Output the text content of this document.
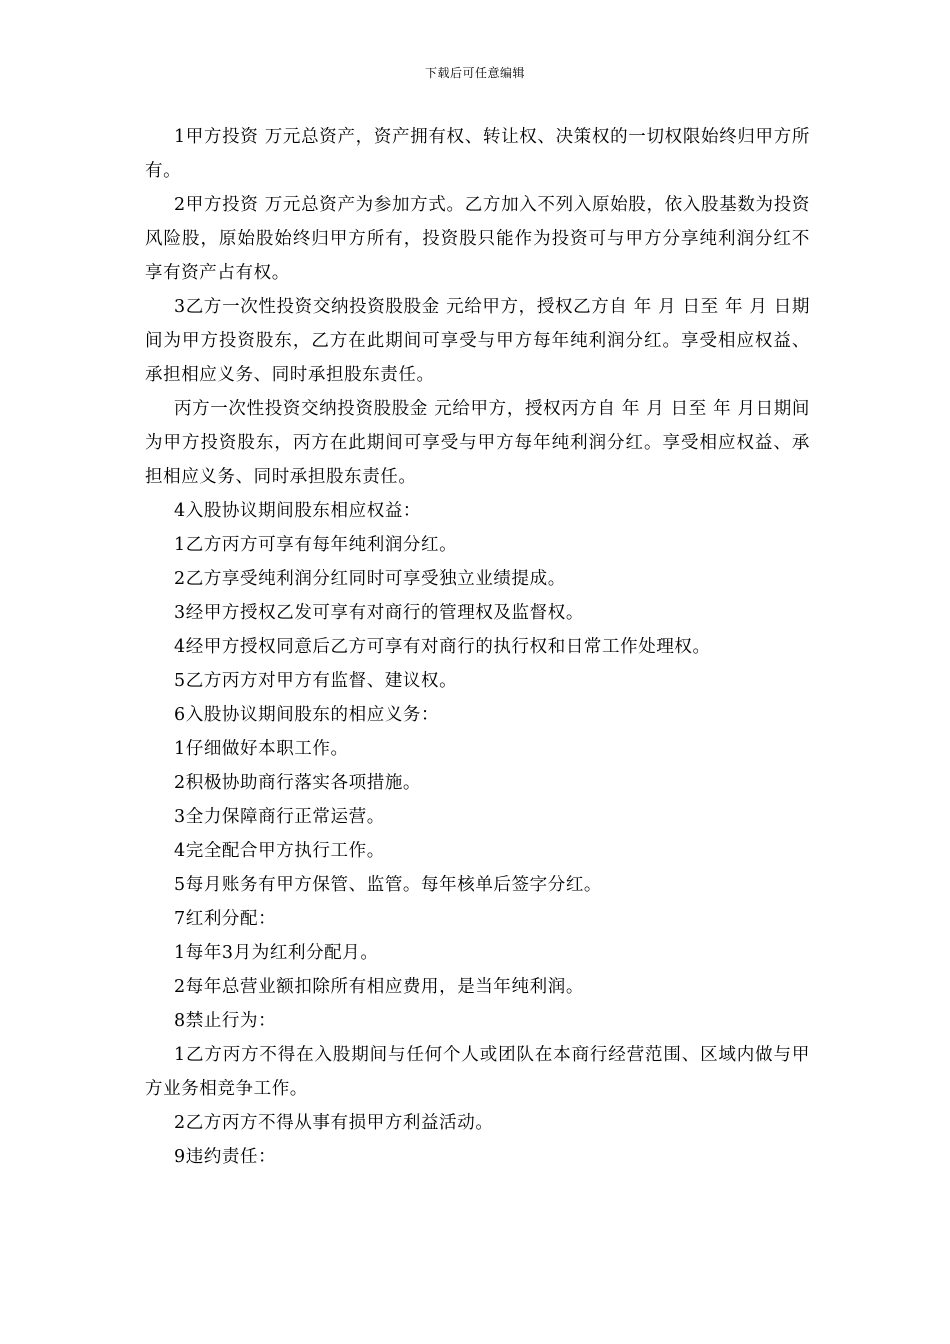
下载后可任意编辑

1甲方投资 万元总资产，资产拥有权、转让权、决策权的一切权限始终归甲方所有。

2甲方投资 万元总资产为参加方式。乙方加入不列入原始股，依入股基数为投资风险股，原始股始终归甲方所有，投资股只能作为投资可与甲方分享纯利润分红不享有资产占有权。

3乙方一次性投资交纳投资股股金 元给甲方，授权乙方自 年 月 日至 年 月 日期间为甲方投资股东，乙方在此期间可享受与甲方每年纯利润分红。享受相应权益、承担相应义务、同时承担股东责任。

丙方一次性投资交纳投资股股金 元给甲方，授权丙方自 年 月 日至 年 月日期间为甲方投资股东，丙方在此期间可享受与甲方每年纯利润分红。享受相应权益、承担相应义务、同时承担股东责任。

4入股协议期间股东相应权益：

1乙方丙方可享有每年纯利润分红。

2乙方享受纯利润分红同时可享受独立业绩提成。

3经甲方授权乙发可享有对商行的管理权及监督权。

4经甲方授权同意后乙方可享有对商行的执行权和日常工作处理权。

5乙方丙方对甲方有监督、建议权。

6入股协议期间股东的相应义务：

1仔细做好本职工作。

2积极协助商行落实各项措施。

3全力保障商行正常运营。

4完全配合甲方执行工作。

5每月账务有甲方保管、监管。每年核单后签字分红。

7红利分配：

1每年3月为红利分配月。

2每年总营业额扣除所有相应费用，是当年纯利润。

8禁止行为：

1乙方丙方不得在入股期间与任何个人或团队在本商行经营范围、区域内做与甲方业务相竞争工作。

2乙方丙方不得从事有损甲方利益活动。

9违约责任：
